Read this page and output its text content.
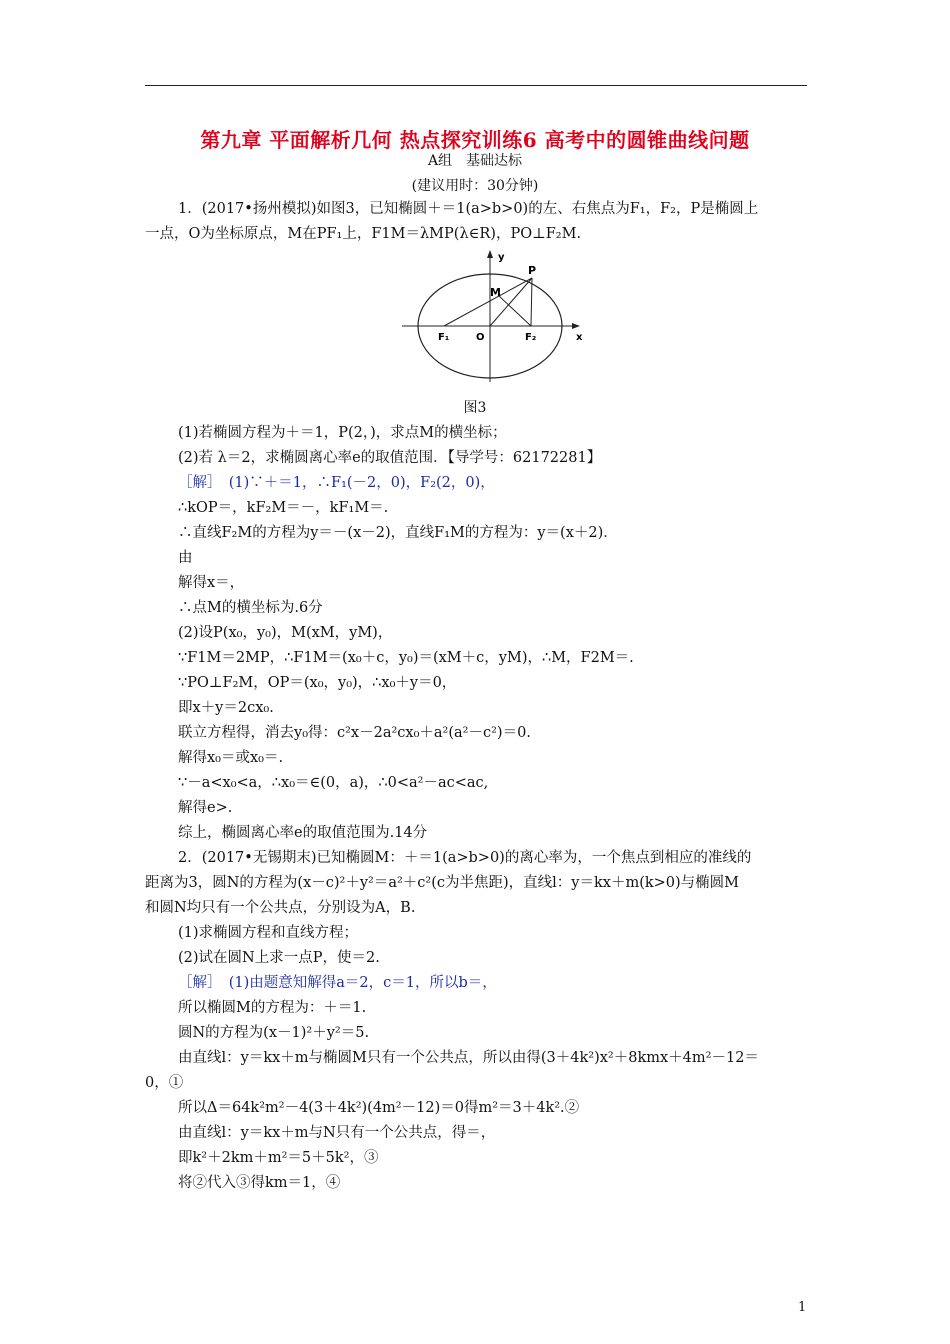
第九章 平面解析几何 热点探究训练6 高考中的圆锥曲线问题
A组　基础达标
(建议用时：30分钟)
1．(2017•扬州模拟)如图3，已知椭圆＋＝1(a>b>0)的左、右焦点为F₁，F₂，P是椭圆上
一点，O为坐标原点，M在PF₁上，F1M＝λMP(λ∈R)，PO⊥F₂M.
y
x
P
M
F₁	O	F₂
图3
(1)若椭圆方程为＋＝1，P(2，)，求点M的横坐标；
(2)若 λ＝2，求椭圆离心率e的取值范围．【导学号：62172281】
［解］　(1)∵＋＝1，∴F₁(－2，0)，F₂(2，0)，
∴kOP＝，kF₂M＝－，kF₁M＝.
∴直线F₂M的方程为y＝－(x－2)，直线F₁M的方程为：y＝(x＋2)．
由
解得x＝，
∴点M的横坐标为.6分
(2)设P(x₀，y₀)，M(xM，yM)，
∵F1M＝2MP，∴F1M＝(x₀＋c，y₀)＝(xM＋c，yM)，∴M，F2M＝.
∵PO⊥F₂M，OP＝(x₀，y₀)，∴x₀＋y＝0，
即x＋y＝2cx₀.
联立方程得，消去y₀得：c²x－2a²cx₀＋a²(a²－c²)＝0.
解得x₀＝或x₀＝.
∵－a<x₀<a，∴x₀＝∈(0，a)，∴0<a²－ac<ac,
解得e>.
综上，椭圆离心率e的取值范围为.14分
2．(2017•无锡期末)已知椭圆M：＋＝1(a>b>0)的离心率为，一个焦点到相应的准线的
距离为3，圆N的方程为(x－c)²＋y²＝a²＋c²(c为半焦距)，直线l：y＝kx＋m(k>0)与椭圆M
和圆N均只有一个公共点，分别设为A，B.
(1)求椭圆方程和直线方程；
(2)试在圆N上求一点P，使＝2.
［解］　(1)由题意知解得a＝2，c＝1，所以b＝，
所以椭圆M的方程为：＋＝1.
圆N的方程为(x－1)²＋y²＝5.
由直线l：y＝kx＋m与椭圆M只有一个公共点，所以由得(3＋4k²)x²＋8kmx＋4m²－12＝
0，①
所以Δ＝64k²m²－4(3＋4k²)(4m²－12)＝0得m²＝3＋4k².②
由直线l：y＝kx＋m与N只有一个公共点，得＝，
即k²＋2km＋m²＝5＋5k²，③
将②代入③得km＝1，④
1
